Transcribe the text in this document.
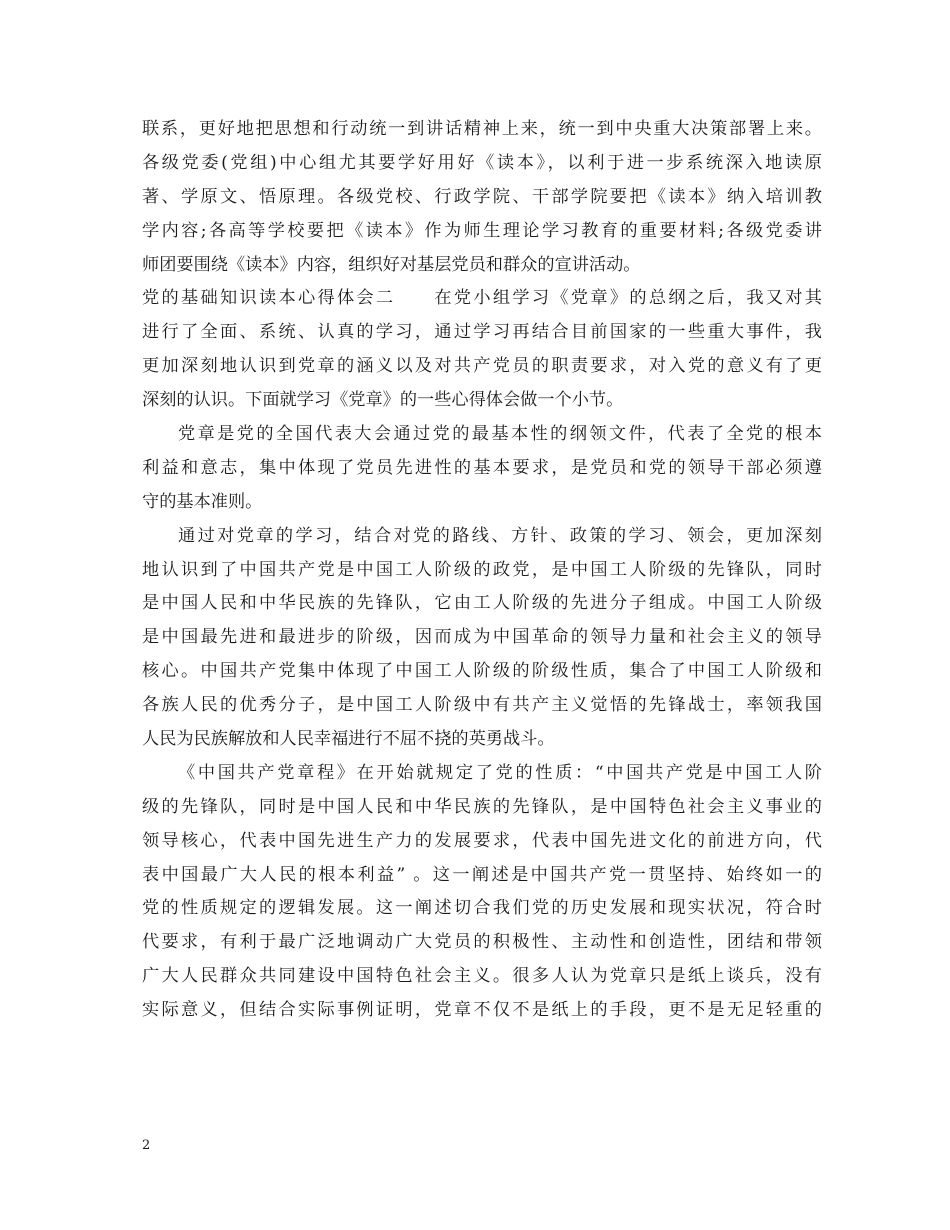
联系，更好地把思想和行动统一到讲话精神上来，统一到中央重大决策部署上来。
各级党委(党组)中心组尤其要学好用好《读本》，以利于进一步系统深入地读原
著、学原文、悟原理。各级党校、行政学院、干部学院要把《读本》纳入培训教
学内容;各高等学校要把《读本》作为师生理论学习教育的重要材料;各级党委讲
师团要围绕《读本》内容，组织好对基层党员和群众的宣讲活动。
党的基础知识读本心得体会二　　在党小组学习《党章》的总纲之后，我又对其
进行了全面、系统、认真的学习，通过学习再结合目前国家的一些重大事件，我
更加深刻地认识到党章的涵义以及对共产党员的职责要求，对入党的意义有了更
深刻的认识。下面就学习《党章》的一些心得体会做一个小节。
党章是党的全国代表大会通过党的最基本性的纲领文件，代表了全党的根本
利益和意志，集中体现了党员先进性的基本要求，是党员和党的领导干部必须遵
守的基本准则。
通过对党章的学习，结合对党的路线、方针、政策的学习、领会，更加深刻
地认识到了中国共产党是中国工人阶级的政党，是中国工人阶级的先锋队，同时
是中国人民和中华民族的先锋队，它由工人阶级的先进分子组成。中国工人阶级
是中国最先进和最进步的阶级，因而成为中国革命的领导力量和社会主义的领导
核心。中国共产党集中体现了中国工人阶级的阶级性质，集合了中国工人阶级和
各族人民的优秀分子，是中国工人阶级中有共产主义觉悟的先锋战士，率领我国
人民为民族解放和人民幸福进行不屈不挠的英勇战斗。
《中国共产党章程》在开始就规定了党的性质：“中国共产党是中国工人阶
级的先锋队，同时是中国人民和中华民族的先锋队，是中国特色社会主义事业的
领导核心，代表中国先进生产力的发展要求，代表中国先进文化的前进方向，代
表中国最广大人民的根本利益” 。这一阐述是中国共产党一贯坚持、始终如一的
党的性质规定的逻辑发展。这一阐述切合我们党的历史发展和现实状况，符合时
代要求，有利于最广泛地调动广大党员的积极性、主动性和创造性，团结和带领
广大人民群众共同建设中国特色社会主义。很多人认为党章只是纸上谈兵，没有
实际意义，但结合实际事例证明，党章不仅不是纸上的手段，更不是无足轻重的
2
